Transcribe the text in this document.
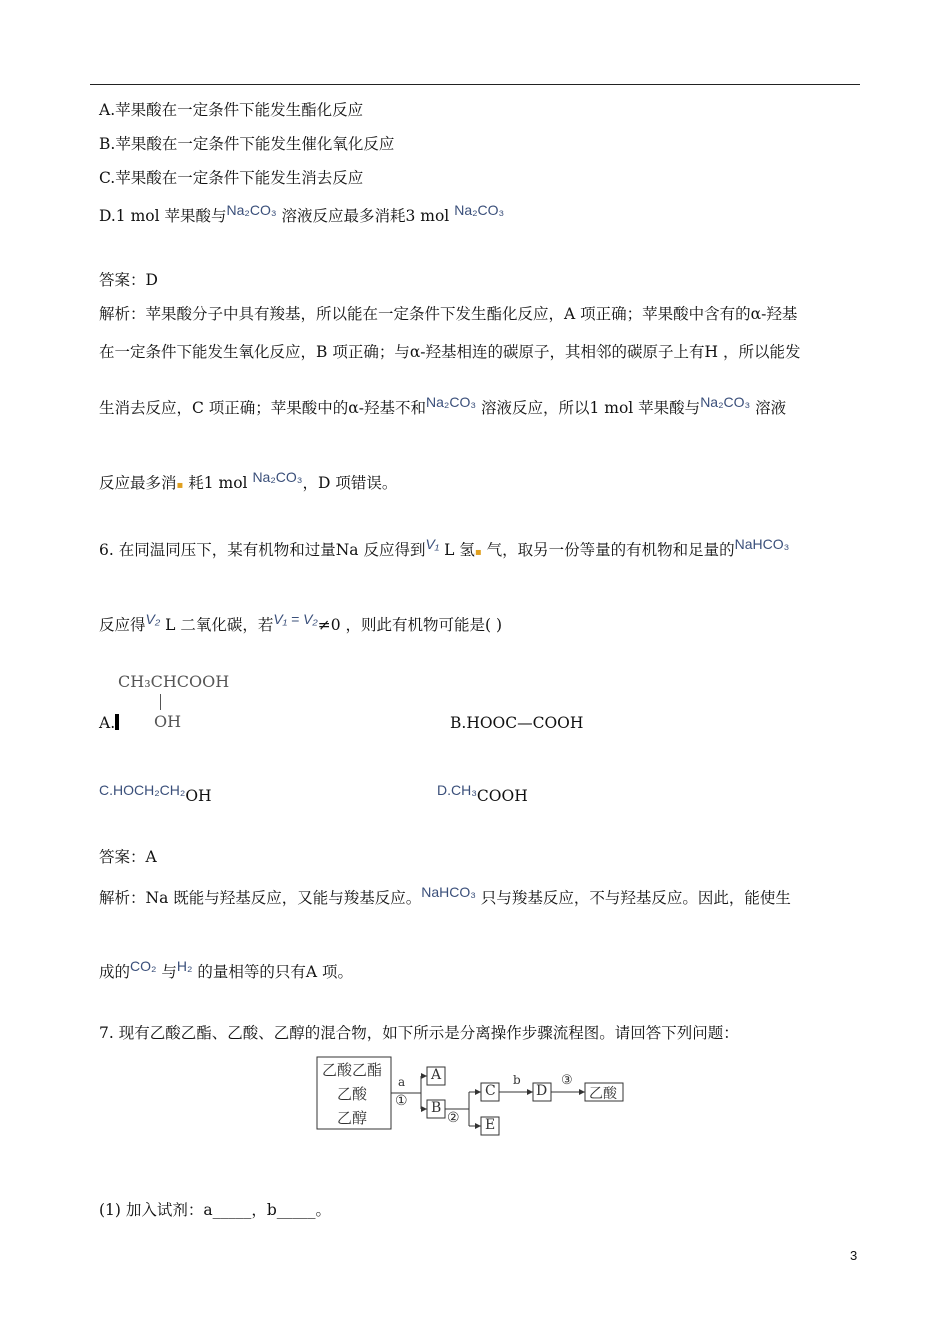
A.苹果酸在一定条件下能发生酯化反应
B.苹果酸在一定条件下能发生催化氧化反应
C.苹果酸在一定条件下能发生消去反应
D.1 mol 苹果酸与Na₂CO₃ 溶液反应最多消耗3 mol Na₂CO₃
答案：D
解析：苹果酸分子中具有羧基，所以能在一定条件下发生酯化反应，A 项正确；苹果酸中含有的α-羟基
在一定条件下能发生氧化反应，B 项正确；与α-羟基相连的碳原子，其相邻的碳原子上有H ，所以能发
生消去反应，C 项正确；苹果酸中的α-羟基不和Na₂CO₃ 溶液反应，所以1 mol 苹果酸与Na₂CO₃ 溶液
反应最多消▪ 耗1 mol Na₂CO₃，D 项错误。
6. 在同温同压下，某有机物和过量Na 反应得到V₁ L 氢▪ 气，取另一份等量的有机物和足量的NaHCO₃
反应得V₂ L 二氧化碳，若V₁ = V₂≠0 ，则此有机物可能是( )
CH₃CHCOOH
OH
A.	B.HOOC—COOH
C.HOCH₂CH₂OH	D.CH₃COOH
答案：A
解析：Na 既能与羟基反应，又能与羧基反应。NaHCO₃ 只与羧基反应，不与羟基反应。因此，能使生
成的CO₂ 与H₂ 的量相等的只有A 项。
7. 现有乙酸乙酯、乙酸、乙醇的混合物，如下所示是分离操作步骤流程图。请回答下列问题：
乙酸乙酯
乙酸
乙醇
a
①
A
B
②
C
E
b
D
③
乙酸
(1) 加入试剂：a_____，b_____。
3
